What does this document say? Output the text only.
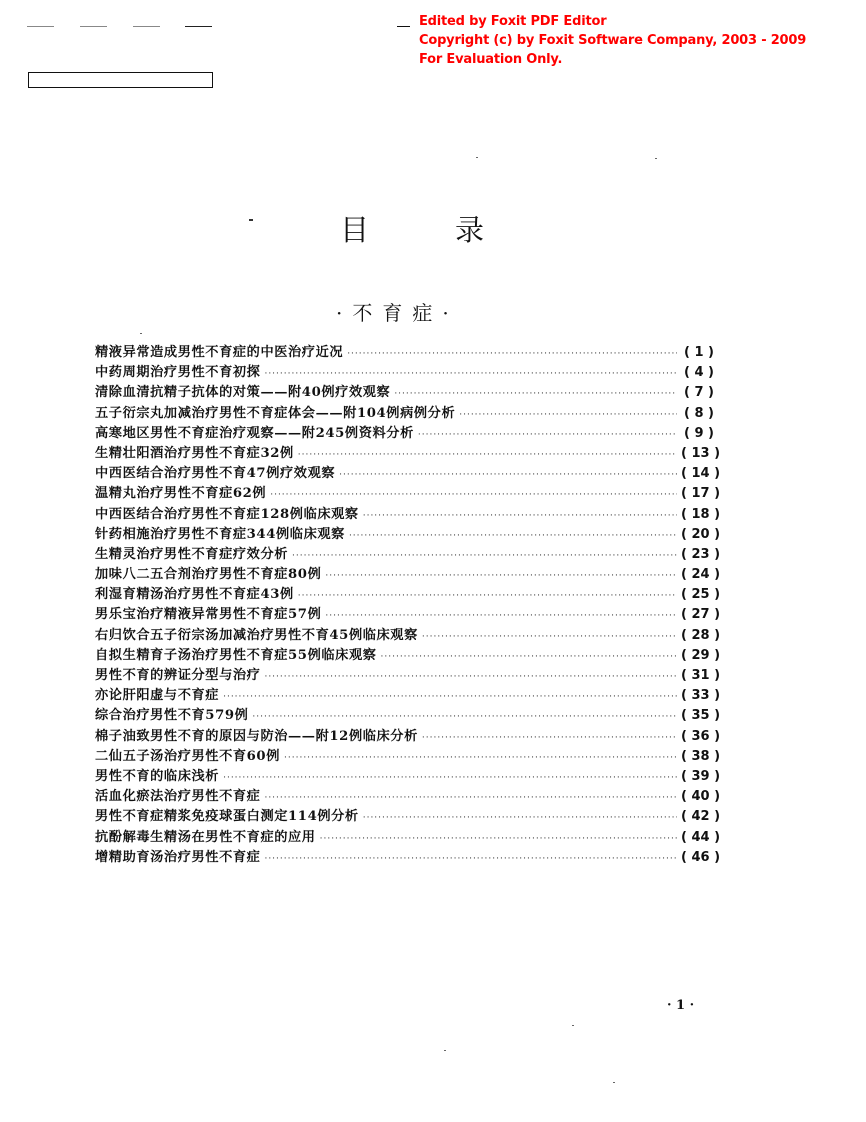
Edited by Foxit PDF Editor
Copyright (c) by Foxit Software Company, 2003 - 2009
For Evaluation Only.
目	录
·不育症·
精液异常造成男性不育症的中医治疗近况 ·····	( 1 )
中药周期治疗男性不育初探 ·····	( 4 )
清除血清抗精子抗体的对策——附40例疗效观察 ·····	( 7 )
五子衍宗丸加减治疗男性不育症体会——附104例病例分析 ·····	( 8 )
高寒地区男性不育症治疗观察——附245例资料分析 ·····	( 9 )
生精壮阳酒治疗男性不育症32例 ·····	( 13 )
中西医结合治疗男性不育47例疗效观察 ·····	( 14 )
温精丸治疗男性不育症62例 ·····	( 17 )
中西医结合治疗男性不育症128例临床观察 ·····	( 18 )
针药相施治疗男性不育症344例临床观察 ·····	( 20 )
生精灵治疗男性不育症疗效分析 ·····	( 23 )
加味八二五合剂治疗男性不育症80例 ·····	( 24 )
利湿育精汤治疗男性不育症43例 ·····	( 25 )
男乐宝治疗精液异常男性不育症57例 ·····	( 27 )
右归饮合五子衍宗汤加减治疗男性不育45例临床观察 ·····	( 28 )
自拟生精育子汤治疗男性不育症55例临床观察 ·····	( 29 )
男性不育的辨证分型与治疗 ·····	( 31 )
亦论肝阳虚与不育症 ·····	( 33 )
综合治疗男性不育579例 ·····	( 35 )
棉子油致男性不育的原因与防治——附12例临床分析 ·····	( 36 )
二仙五子汤治疗男性不育60例 ·····	( 38 )
男性不育的临床浅析 ·····	( 39 )
活血化瘀法治疗男性不育症 ·····	( 40 )
男性不育症精浆免疫球蛋白测定114例分析 ·····	( 42 )
抗酚解毒生精汤在男性不育症的应用 ·····	( 44 )
增精助育汤治疗男性不育症 ·····	( 46 )
· 1 ·
